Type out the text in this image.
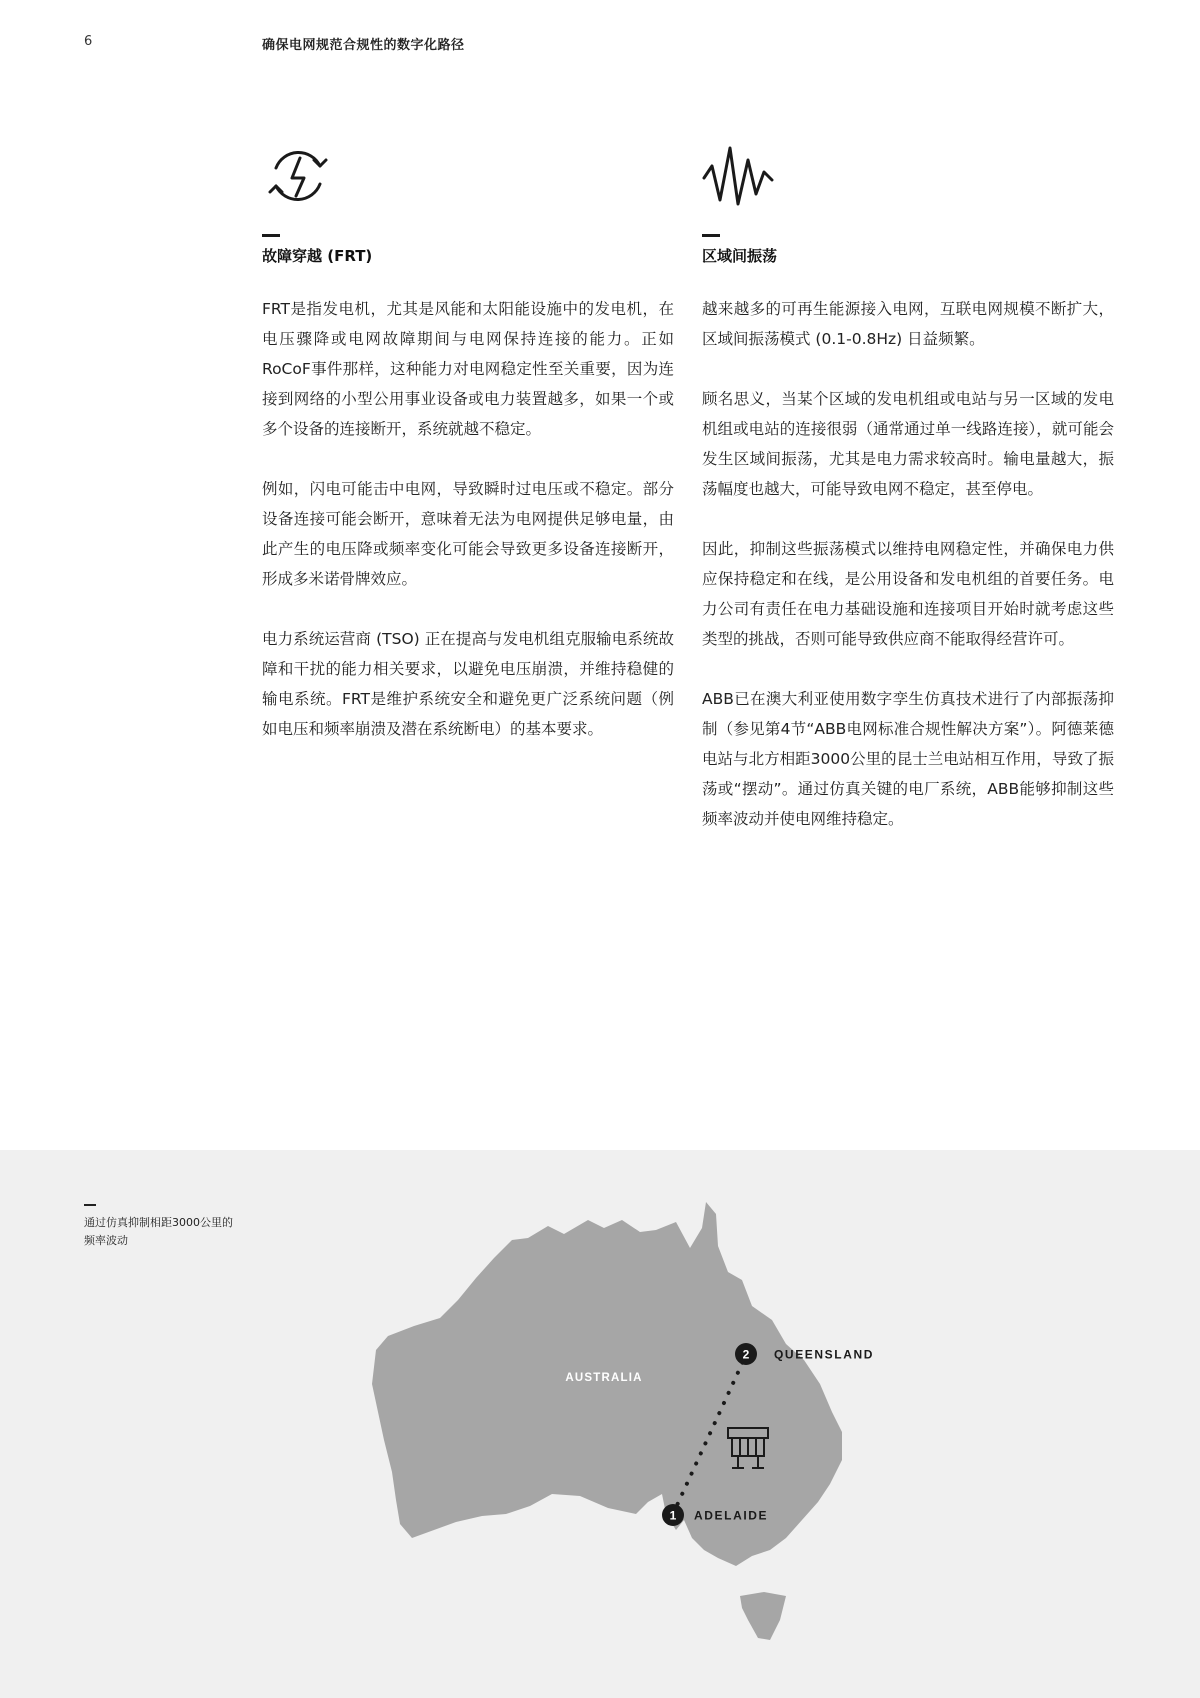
6	确保电网规范合规性的数字化路径
故障穿越 (FRT)

FRT是指发电机，尤其是风能和太阳能设施中的发电机，在电压骤降或电网故障期间与电网保持连接的能力。正如RoCoF事件那样，这种能力对电网稳定性至关重要，因为连接到网络的小型公用事业设备或电力装置越多，如果一个或多个设备的连接断开，系统就越不稳定。

例如，闪电可能击中电网，导致瞬时过电压或不稳定。部分设备连接可能会断开，意味着无法为电网提供足够电量，由此产生的电压降或频率变化可能会导致更多设备连接断开，形成多米诺骨牌效应。

电力系统运营商 (TSO) 正在提高与发电机组克服输电系统故障和干扰的能力相关要求，以避免电压崩溃，并维持稳健的输电系统。FRT是维护系统安全和避免更广泛系统问题（例如电压和频率崩溃及潜在系统断电）的基本要求。

区域间振荡

越来越多的可再生能源接入电网，互联电网规模不断扩大，区域间振荡模式 (0.1-0.8Hz) 日益频繁。

顾名思义，当某个区域的发电机组或电站与另一区域的发电机组或电站的连接很弱（通常通过单一线路连接），就可能会发生区域间振荡，尤其是电力需求较高时。输电量越大，振荡幅度也越大，可能导致电网不稳定，甚至停电。

因此，抑制这些振荡模式以维持电网稳定性，并确保电力供应保持稳定和在线，是公用设备和发电机组的首要任务。电力公司有责任在电力基础设施和连接项目开始时就考虑这些类型的挑战，否则可能导致供应商不能取得经营许可。

ABB已在澳大利亚使用数字孪生仿真技术进行了内部振荡抑制（参见第4节“ABB电网标准合规性解决方案”）。阿德莱德电站与北方相距3000公里的昆士兰电站相互作用，导致了振荡或“摆动”。通过仿真关键的电厂系统，ABB能够抑制这些频率波动并使电网维持稳定。

通过仿真抑制相距3000公里的频率波动
AUSTRALIA
2 QUEENSLAND
1 ADELAIDE
